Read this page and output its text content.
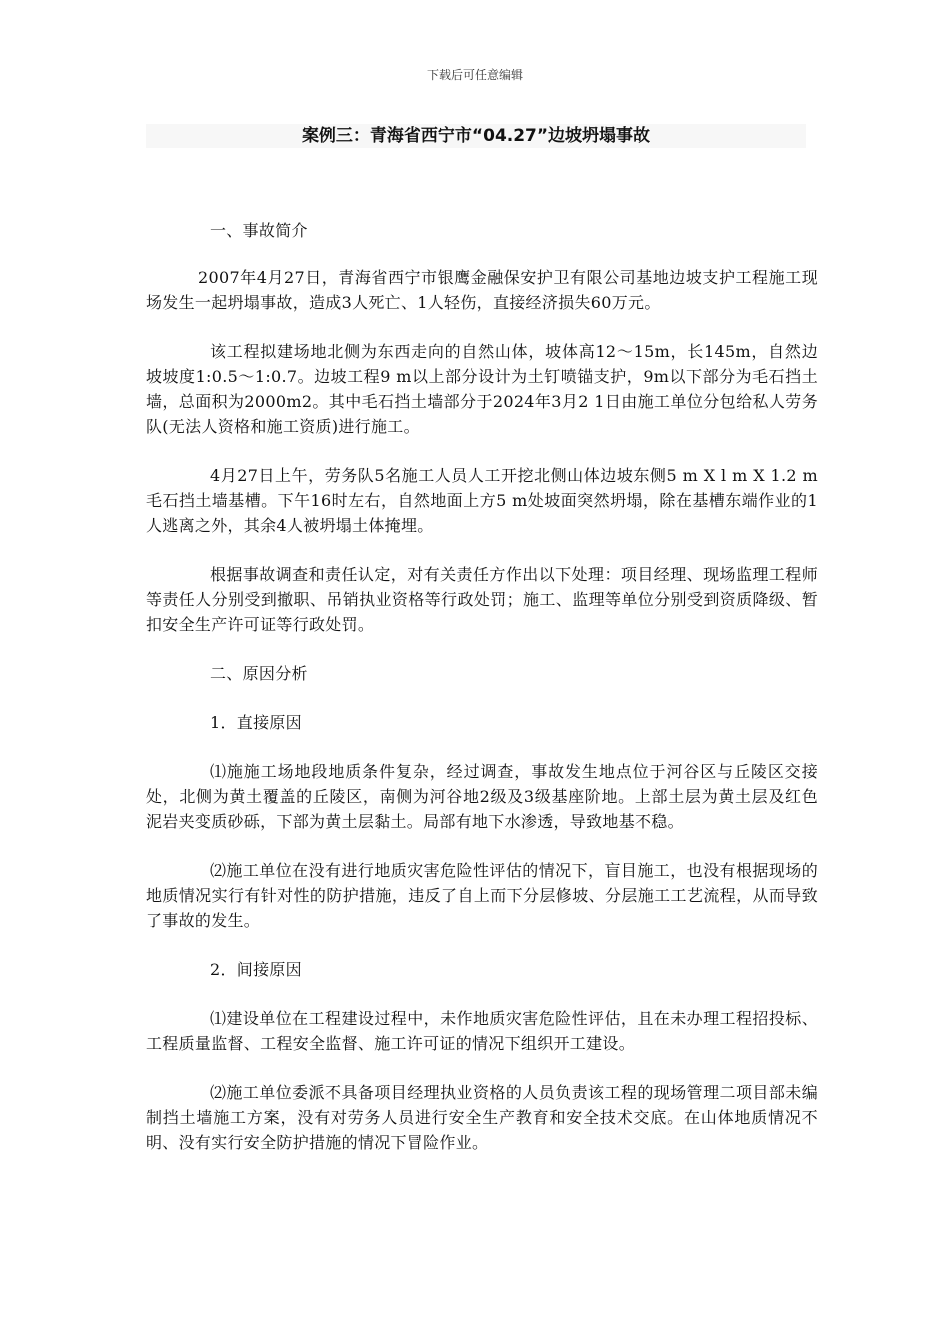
下载后可任意编辑
案例三：青海省西宁市“04.27”边坡坍塌事故

一、事故简介

2007年4月27日，青海省西宁市银鹰金融保安护卫有限公司基地边坡支护工程施工现场发生一起坍塌事故，造成3人死亡、1人轻伤，直接经济损失60万元。

该工程拟建场地北侧为东西走向的自然山体，坡体高12～15m，长145m，自然边坡坡度1:0.5～1:0.7。边坡工程9 m以上部分设计为土钉喷锚支护，9m以下部分为毛石挡土墙，总面积为2000m2。其中毛石挡土墙部分于2024年3月2 1日由施工单位分包给私人劳务队(无法人资格和施工资质)进行施工。

4月27日上午，劳务队5名施工人员人工开挖北侧山体边坡东侧5 m X l m X 1.2 m毛石挡土墙基槽。下午16时左右，自然地面上方5 m处坡面突然坍塌，除在基槽东端作业的1人逃离之外，其余4人被坍塌土体掩埋。

根据事故调查和责任认定，对有关责任方作出以下处理：项目经理、现场监理工程师等责任人分别受到撤职、吊销执业资格等行政处罚；施工、监理等单位分别受到资质降级、暂扣安全生产许可证等行政处罚。

二、原因分析

1．直接原因

⑴施施工场地段地质条件复杂，经过调查，事故发生地点位于河谷区与丘陵区交接处，北侧为黄土覆盖的丘陵区，南侧为河谷地2级及3级基座阶地。上部土层为黄土层及红色泥岩夹变质砂砾，下部为黄土层黏土。局部有地下水渗透，导致地基不稳。

⑵施工单位在没有进行地质灾害危险性评估的情况下，盲目施工，也没有根据现场的地质情况实行有针对性的防护措施，违反了自上而下分层修坡、分层施工工艺流程，从而导致了事故的发生。

2．间接原因

⑴建设单位在工程建设过程中，未作地质灾害危险性评估，且在未办理工程招投标、工程质量监督、工程安全监督、施工许可证的情况下组织开工建设。

⑵施工单位委派不具备项目经理执业资格的人员负责该工程的现场管理二项目部未编制挡土墙施工方案，没有对劳务人员进行安全生产教育和安全技术交底。在山体地质情况不明、没有实行安全防护措施的情况下冒险作业。
